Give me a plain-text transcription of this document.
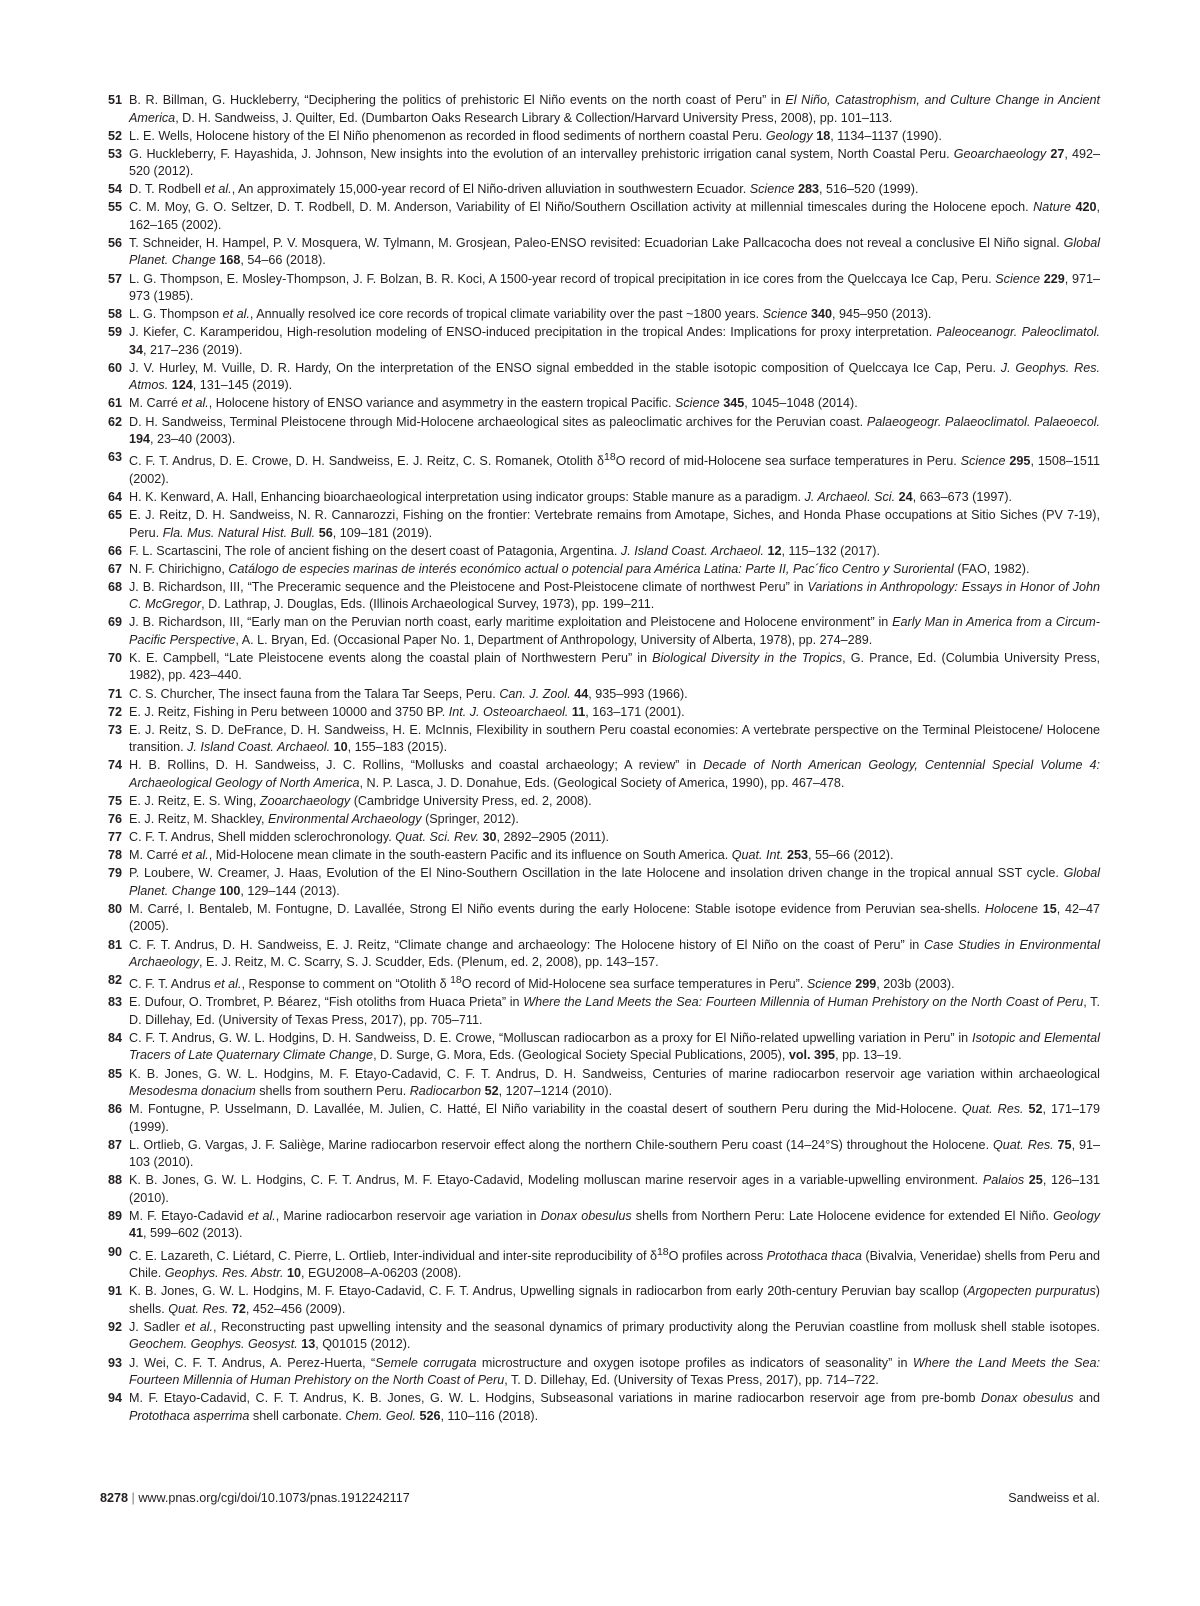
51 B. R. Billman, G. Huckleberry, “Deciphering the politics of prehistoric El Niño events on the north coast of Peru” in El Niño, Catastrophism, and Culture Change in Ancient America, D. H. Sandweiss, J. Quilter, Ed. (Dumbarton Oaks Research Library & Collection/Harvard University Press, 2008), pp. 101–113.
52 L. E. Wells, Holocene history of the El Niño phenomenon as recorded in flood sediments of northern coastal Peru. Geology 18, 1134–1137 (1990).
53 G. Huckleberry, F. Hayashida, J. Johnson, New insights into the evolution of an intervalley prehistoric irrigation canal system, North Coastal Peru. Geoarchaeology 27, 492–520 (2012).
54 D. T. Rodbell et al., An approximately 15,000-year record of El Niño-driven alluviation in southwestern Ecuador. Science 283, 516–520 (1999).
55 C. M. Moy, G. O. Seltzer, D. T. Rodbell, D. M. Anderson, Variability of El Niño/Southern Oscillation activity at millennial timescales during the Holocene epoch. Nature 420, 162–165 (2002).
56 T. Schneider, H. Hampel, P. V. Mosquera, W. Tylmann, M. Grosjean, Paleo-ENSO revisited: Ecuadorian Lake Pallcacocha does not reveal a conclusive El Niño signal. Global Planet. Change 168, 54–66 (2018).
57 L. G. Thompson, E. Mosley-Thompson, J. F. Bolzan, B. R. Koci, A 1500-year record of tropical precipitation in ice cores from the Quelccaya Ice Cap, Peru. Science 229, 971–973 (1985).
58 L. G. Thompson et al., Annually resolved ice core records of tropical climate variability over the past ~1800 years. Science 340, 945–950 (2013).
59 J. Kiefer, C. Karamperidou, High-resolution modeling of ENSO-induced precipitation in the tropical Andes: Implications for proxy interpretation. Paleoceanogr. Paleoclimatol. 34, 217–236 (2019).
60 J. V. Hurley, M. Vuille, D. R. Hardy, On the interpretation of the ENSO signal embedded in the stable isotopic composition of Quelccaya Ice Cap, Peru. J. Geophys. Res. Atmos. 124, 131–145 (2019).
61 M. Carré et al., Holocene history of ENSO variance and asymmetry in the eastern tropical Pacific. Science 345, 1045–1048 (2014).
62 D. H. Sandweiss, Terminal Pleistocene through Mid-Holocene archaeological sites as paleoclimatic archives for the Peruvian coast. Palaeogeogr. Palaeoclimatol. Palaeoecol. 194, 23–40 (2003).
63 C. F. T. Andrus, D. E. Crowe, D. H. Sandweiss, E. J. Reitz, C. S. Romanek, Otolith $\delta^{18}O$ record of mid-Holocene sea surface temperatures in Peru. Science 295, 1508–1511 (2002).
64 H. K. Kenward, A. Hall, Enhancing bioarchaeological interpretation using indicator groups: Stable manure as a paradigm. J. Archaeol. Sci. 24, 663–673 (1997).
65 E. J. Reitz, D. H. Sandweiss, N. R. Cannarozzi, Fishing on the frontier: Vertebrate remains from Amotape, Siches, and Honda Phase occupations at Sitio Siches (PV 7-19), Peru. Fla. Mus. Natural Hist. Bull. 56, 109–181 (2019).
66 F. L. Scartascini, The role of ancient fishing on the desert coast of Patagonia, Argentina. J. Island Coast. Archaeol. 12, 115–132 (2017).
67 N. F. Chirichigno, Catálogo de especies marinas de interés económico actual o potencial para América Latina: Parte II, Pac´fico Centro y Suroriental (FAO, 1982).
68 J. B. Richardson, III, “The Preceramic sequence and the Pleistocene and Post-Pleistocene climate of northwest Peru” in Variations in Anthropology: Essays in Honor of John C. McGregor, D. Lathrap, J. Douglas, Eds. (Illinois Archaeological Survey, 1973), pp. 199–211.
69 J. B. Richardson, III, “Early man on the Peruvian north coast, early maritime exploitation and Pleistocene and Holocene environment” in Early Man in America from a Circum-Pacific Perspective, A. L. Bryan, Ed. (Occasional Paper No. 1, Department of Anthropology, University of Alberta, 1978), pp. 274–289.
70 K. E. Campbell, “Late Pleistocene events along the coastal plain of Northwestern Peru” in Biological Diversity in the Tropics, G. Prance, Ed. (Columbia University Press, 1982), pp. 423–440.
71 C. S. Churcher, The insect fauna from the Talara Tar Seeps, Peru. Can. J. Zool. 44, 935–993 (1966).
72 E. J. Reitz, Fishing in Peru between 10000 and 3750 BP. Int. J. Osteoarchaeol. 11, 163–171 (2001).
73 E. J. Reitz, S. D. DeFrance, D. H. Sandweiss, H. E. McInnis, Flexibility in southern Peru coastal economies: A vertebrate perspective on the Terminal Pleistocene/ Holocene transition. J. Island Coast. Archaeol. 10, 155–183 (2015).
74 H. B. Rollins, D. H. Sandweiss, J. C. Rollins, “Mollusks and coastal archaeology; A review” in Decade of North American Geology, Centennial Special Volume 4: Archaeological Geology of North America, N. P. Lasca, J. D. Donahue, Eds. (Geological Society of America, 1990), pp. 467–478.
75 E. J. Reitz, E. S. Wing, Zooarchaeology (Cambridge University Press, ed. 2, 2008).
76 E. J. Reitz, M. Shackley, Environmental Archaeology (Springer, 2012).
77 C. F. T. Andrus, Shell midden sclerochronology. Quat. Sci. Rev. 30, 2892–2905 (2011).
78 M. Carré et al., Mid-Holocene mean climate in the south-eastern Pacific and its influence on South America. Quat. Int. 253, 55–66 (2012).
79 P. Loubere, W. Creamer, J. Haas, Evolution of the El Nino-Southern Oscillation in the late Holocene and insolation driven change in the tropical annual SST cycle. Global Planet. Change 100, 129–144 (2013).
80 M. Carré, I. Bentaleb, M. Fontugne, D. Lavallée, Strong El Niño events during the early Holocene: Stable isotope evidence from Peruvian sea-shells. Holocene 15, 42–47 (2005).
81 C. F. T. Andrus, D. H. Sandweiss, E. J. Reitz, “Climate change and archaeology: The Holocene history of El Niño on the coast of Peru” in Case Studies in Environmental Archaeology, E. J. Reitz, M. C. Scarry, S. J. Scudder, Eds. (Plenum, ed. 2, 2008), pp. 143–157.
82 C. F. T. Andrus et al., Response to comment on “Otolith δ $^{18}$O record of Mid-Holocene sea surface temperatures in Peru”. Science 299, 203b (2003).
83 E. Dufour, O. Trombret, P. Béarez, “Fish otoliths from Huaca Prieta” in Where the Land Meets the Sea: Fourteen Millennia of Human Prehistory on the North Coast of Peru, T. D. Dillehay, Ed. (University of Texas Press, 2017), pp. 705–711.
84 C. F. T. Andrus, G. W. L. Hodgins, D. H. Sandweiss, D. E. Crowe, “Molluscan radiocarbon as a proxy for El Niño-related upwelling variation in Peru” in Isotopic and Elemental Tracers of Late Quaternary Climate Change, D. Surge, G. Mora, Eds. (Geological Society Special Publications, 2005), vol. 395, pp. 13–19.
85 K. B. Jones, G. W. L. Hodgins, M. F. Etayo-Cadavid, C. F. T. Andrus, D. H. Sandweiss, Centuries of marine radiocarbon reservoir age variation within archaeological Mesodesma donacium shells from southern Peru. Radiocarbon 52, 1207–1214 (2010).
86 M. Fontugne, P. Usselmann, D. Lavallée, M. Julien, C. Hatté, El Niño variability in the coastal desert of southern Peru during the Mid-Holocene. Quat. Res. 52, 171–179 (1999).
87 L. Ortlieb, G. Vargas, J. F. Saliège, Marine radiocarbon reservoir effect along the northern Chile-southern Peru coast (14–24°S) throughout the Holocene. Quat. Res. 75, 91–103 (2010).
88 K. B. Jones, G. W. L. Hodgins, C. F. T. Andrus, M. F. Etayo-Cadavid, Modeling molluscan marine reservoir ages in a variable-upwelling environment. Palaios 25, 126–131 (2010).
89 M. F. Etayo-Cadavid et al., Marine radiocarbon reservoir age variation in Donax obesulus shells from Northern Peru: Late Holocene evidence for extended El Niño. Geology 41, 599–602 (2013).
90 C. E. Lazareth, C. Liétard, C. Pierre, L. Ortlieb, Inter-individual and inter-site reproducibility of $\delta^{18}O$ profiles across Protothaca thaca (Bivalvia, Veneridae) shells from Peru and Chile. Geophys. Res. Abstr. 10, EGU2008–A-06203 (2008).
91 K. B. Jones, G. W. L. Hodgins, M. F. Etayo-Cadavid, C. F. T. Andrus, Upwelling signals in radiocarbon from early 20th-century Peruvian bay scallop (Argopecten purpuratus) shells. Quat. Res. 72, 452–456 (2009).
92 J. Sadler et al., Reconstructing past upwelling intensity and the seasonal dynamics of primary productivity along the Peruvian coastline from mollusk shell stable isotopes. Geochem. Geophys. Geosyst. 13, Q01015 (2012).
93 J. Wei, C. F. T. Andrus, A. Perez-Huerta, “Semele corrugata microstructure and oxygen isotope profiles as indicators of seasonality” in Where the Land Meets the Sea: Fourteen Millennia of Human Prehistory on the North Coast of Peru, T. D. Dillehay, Ed. (University of Texas Press, 2017), pp. 714–722.
94 M. F. Etayo-Cadavid, C. F. T. Andrus, K. B. Jones, G. W. L. Hodgins, Subseasonal variations in marine radiocarbon reservoir age from pre-bomb Donax obesulus and Protothaca asperrima shell carbonate. Chem. Geol. 526, 110–116 (2018).
8278 | www.pnas.org/cgi/doi/10.1073/pnas.1912242117	Sandweiss et al.
